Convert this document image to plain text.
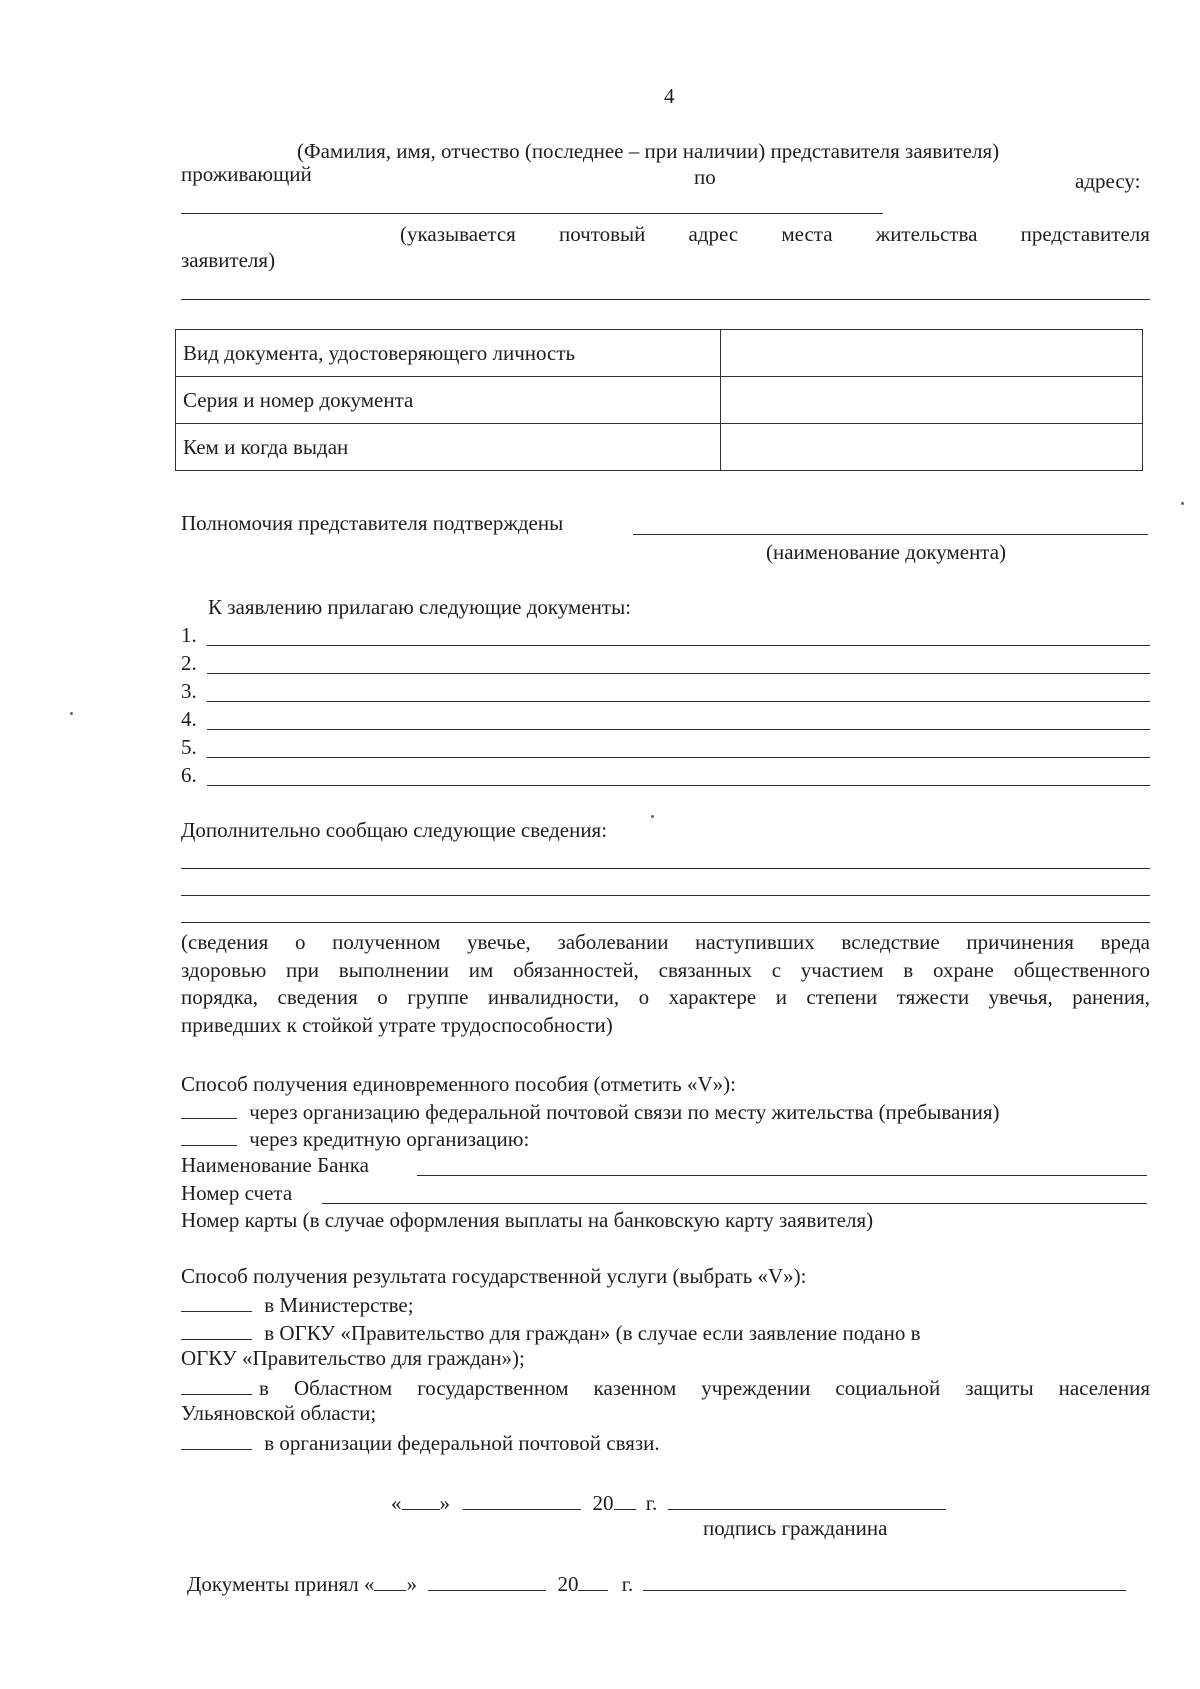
4
(Фамилия, имя, отчество (последнее – при наличии) представителя заявителя)
проживающий	по	адресу:
(указывается почтовый адрес места жительства представителя
заявителя)
Вид документа, удостоверяющего личность	
Серия и номер документа	
Кем и когда выдан	
Полномочия представителя подтверждены
(наименование документа)
К заявлению прилагаю следующие документы:
1.
2.
3.
4.
5.
6.
Дополнительно сообщаю следующие сведения:
(сведения о полученном увечье, заболевании наступивших вследствие причинения вреда
здоровью при выполнении им обязанностей, связанных с участием в охране общественного
порядка, сведения о группе инвалидности, о характере и степени тяжести увечья, ранения,
приведших к стойкой утрате трудоспособности)
Способ получения единовременного пособия (отметить «V»):
через организацию федеральной почтовой связи по месту жительства (пребывания)
через кредитную организацию:
Наименование Банка
Номер счета
Номер карты (в случае оформления выплаты на банковскую карту заявителя)
Способ получения результата государственной услуги (выбрать «V»):
в Министерстве;
в ОГКУ «Правительство для граждан» (в случае если заявление подано в
ОГКУ «Правительство для граждан»);
в Областном государственном казенном учреждении социальной защиты населения
Ульяновской области;
в организации федеральной почтовой связи.
« »	20 г.
подпись гражданина
Документы принял « »	20 г.
